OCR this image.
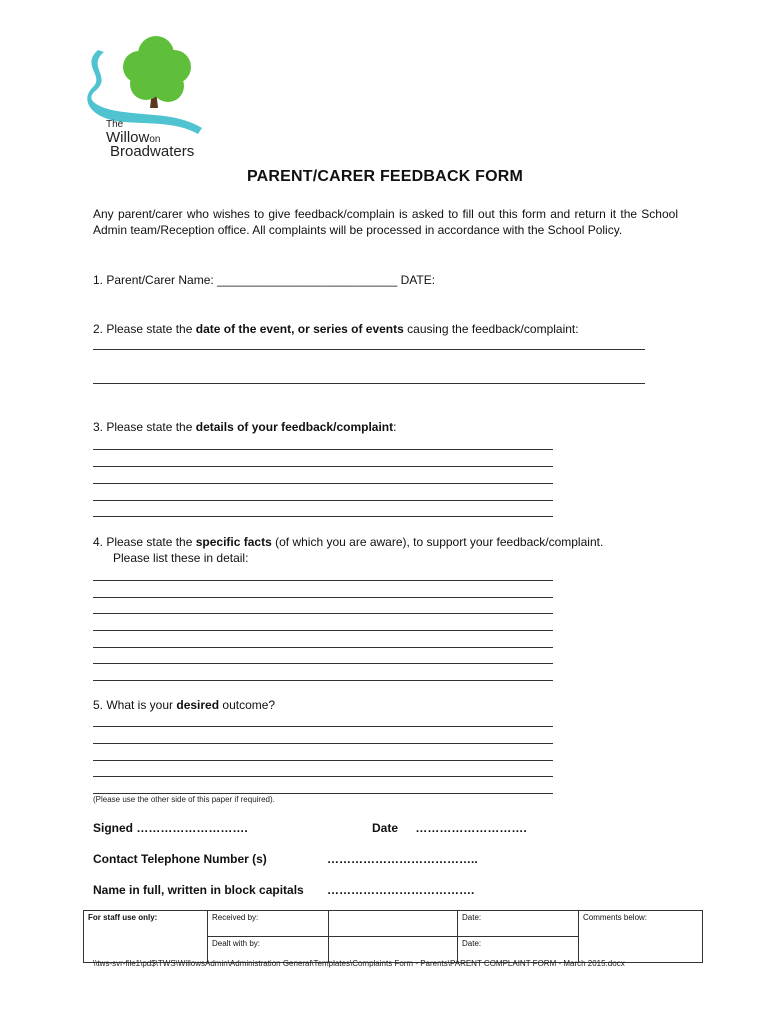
The
Willowon
Broadwaters
PARENT/CARER FEEDBACK FORM
Any parent/carer who wishes to give feedback/complain is asked to fill out this form and return it the School Admin team/Reception office. All complaints will be processed in accordance with the School Policy.
1. Parent/Carer Name: ___________________________ DATE:
2. Please state the date of the event, or series of events causing the feedback/complaint:
3. Please state the details of your feedback/complaint:
4. Please state the specific facts (of which you are aware), to support your feedback/complaint.
Please list these in detail:
5. What is your desired outcome?
(Please use the other side of this paper if required).
Signed ……………………….	Date ……………………….
Contact Telephone Number (s)	………………………………..
Name in full, written in block capitals ……………………………….
For staff use only:	Received by:		Date:	Comments below:
	Dealt with by:		Date:	
\\tws-svr-file1\pd$\TWS\WillowsAdmin\Administration General\Templates\Complaints Form - Parents\PARENT COMPLAINT FORM - March 2015.docx
